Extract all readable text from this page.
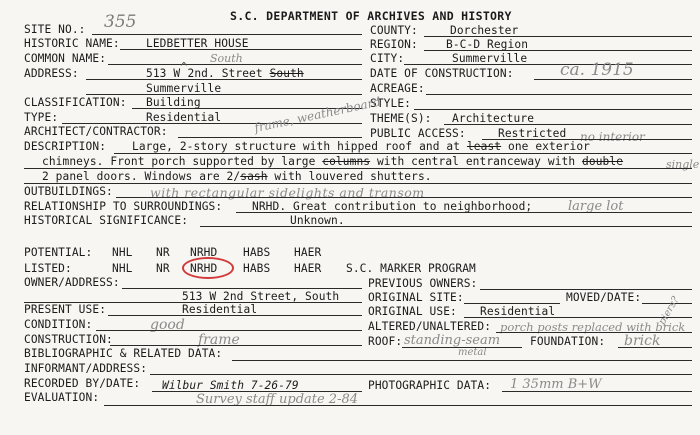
S.C. DEPARTMENT OF ARCHIVES AND HISTORY
SITE NO.: 355	COUNTY:	Dorchester
HISTORIC NAME: LEDBETTER HOUSE	REGION:	B-C-D Region
COMMON NAME:	South	CITY:	Summerville
ADDRESS:	513 W^2nd. Street South
Summerville
DATE OF CONSTRUCTION:	ca. 1915
ACREAGE:
CLASSIFICATION: Building	STYLE:
TYPE:	Residential	THEME(S): Architecture
ARCHITECT/CONTRACTOR:	frame, weatherboard
PUBLIC ACCESS:	Restricted no interior
DESCRIPTION: Large, 2-story structure with hipped roof and at least one exterior
chimneys. Front porch supported by large columns with central entranceway with double	single
2 panel doors. Windows are 2/sash with louvered shutters.
OUTBUILDINGS:	with rectangular sidelights and transom
RELATIONSHIP TO SURROUNDINGS:	NRHD. Great contribution to neighborhood;	large lot
HISTORICAL SIGNIFICANCE:	Unknown.
POTENTIAL: NHL NR NRHD HABS HAER
LISTED:	NHL NR NRHD HABS HAER S.C. MARKER PROGRAM
OWNER/ADDRESS:
513 W 2nd Street, South
PREVIOUS OWNERS:
ORIGINAL SITE:	MOVED/DATE:
PRESENT USE:	Residential	ORIGINAL USE: Residential
CONDITION:	good	ALTERED/UNALTERED: porch posts replaced with brick
piers?
CONSTRUCTION:	frame	ROOF: standing-seam
metal
FOUNDATION: brick
BIBLIOGRAPHIC & RELATED DATA:
INFORMANT/ADDRESS:
RECORDED BY/DATE: Wilbur Smith 7-26-79	PHOTOGRAPHIC DATA: 1 35mm B+W
EVALUATION:	Survey staff update 2-84
